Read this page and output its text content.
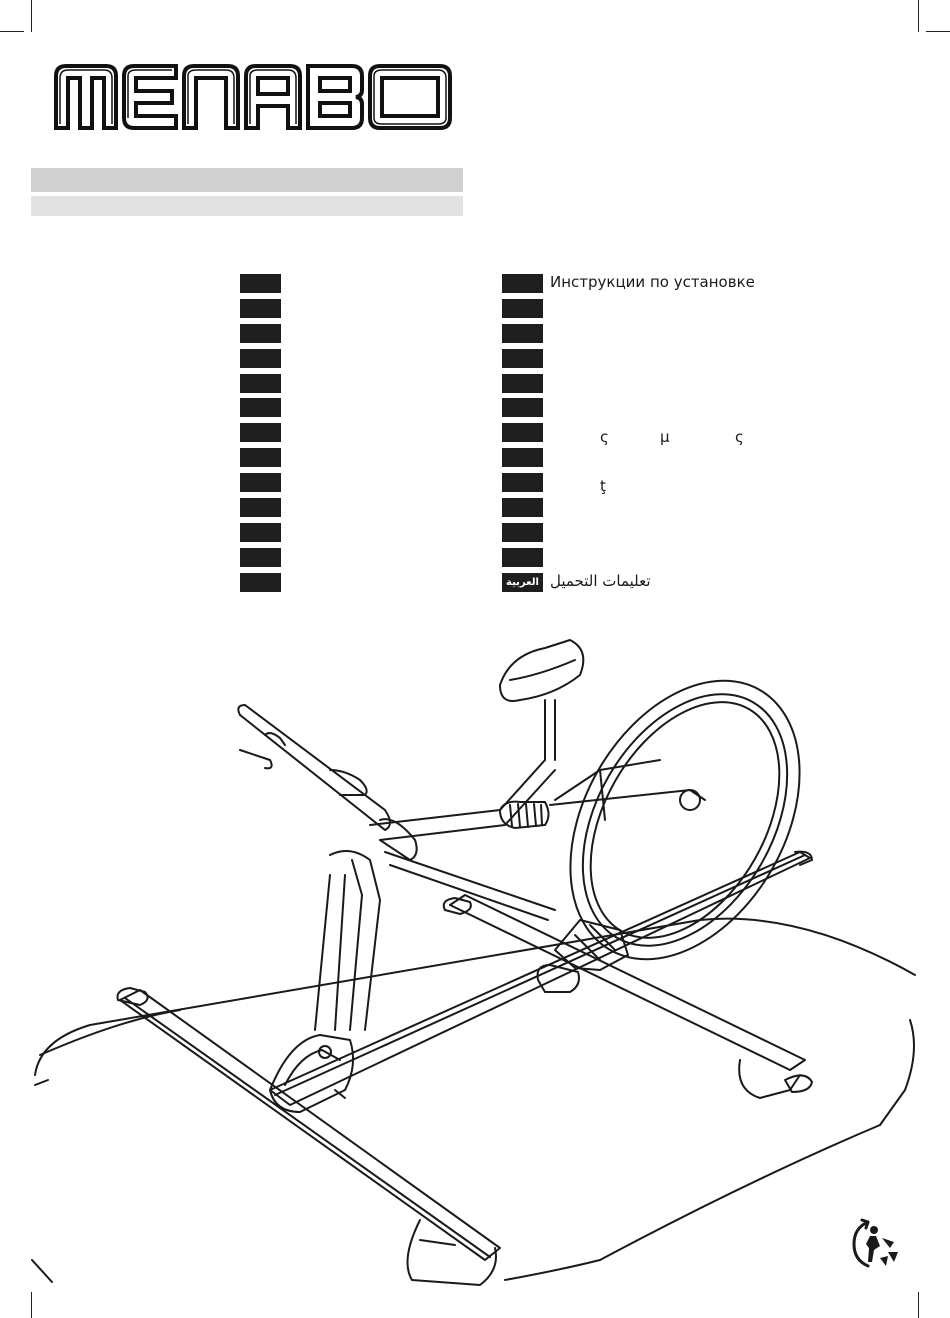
Инструкции по установке
العربية تعليمات التحميل
ς	μ	ς
ţ
